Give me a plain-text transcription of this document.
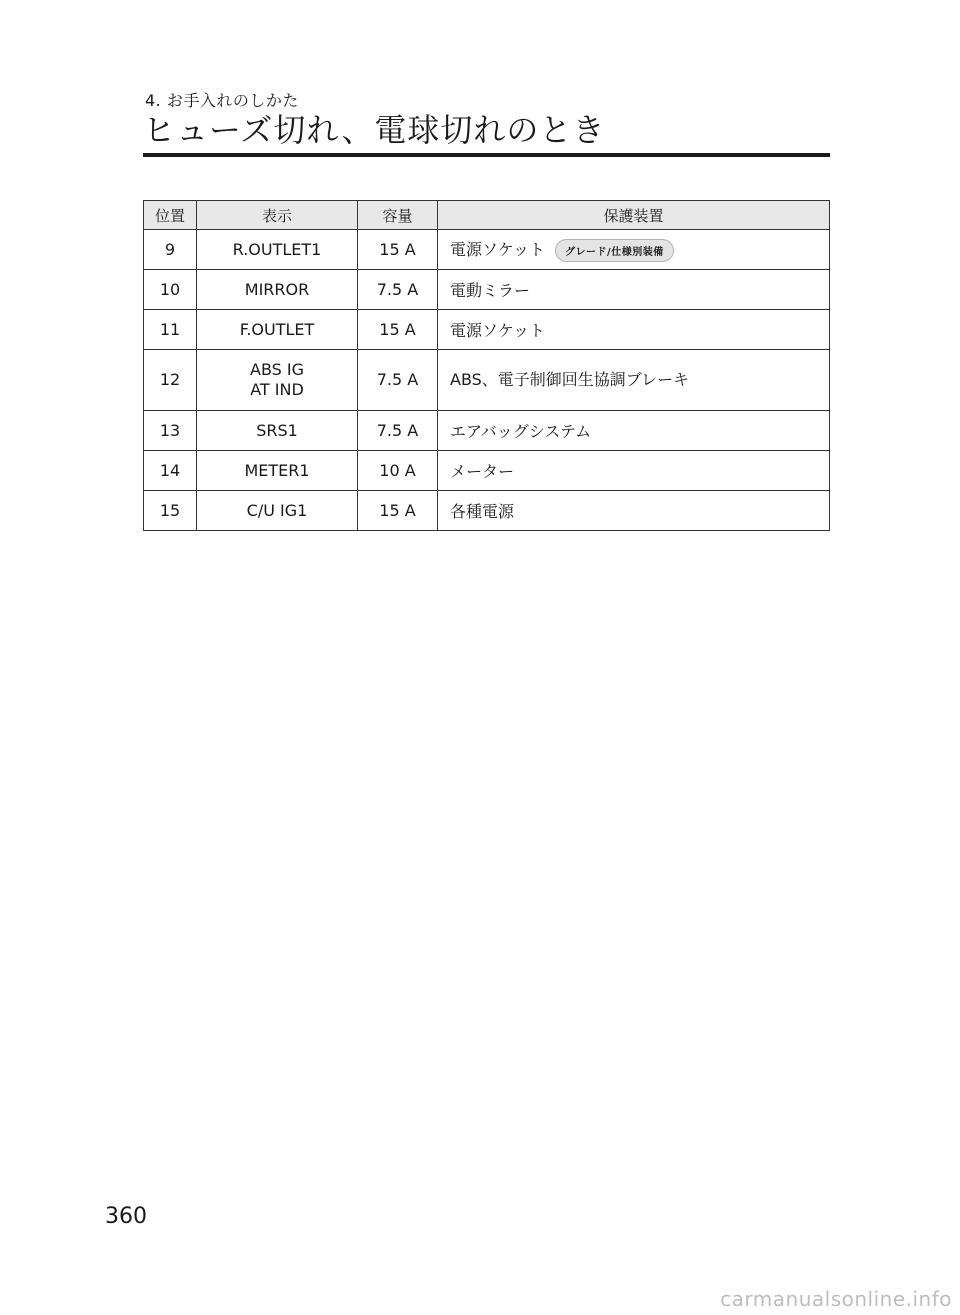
4. お手入れのしかた
ヒューズ切れ、電球切れのとき
位置	表示	容量	保護装置
9	R.OUTLET1	15 A	電源ソケット グレード/仕様別装備
10	MIRROR	7.5 A	電動ミラー
11	F.OUTLET	15 A	電源ソケット
12	ABS IG
AT IND	7.5 A	ABS、電子制御回生協調ブレーキ
13	SRS1	7.5 A	エアバッグシステム
14	METER1	10 A	メーター
15	C/U IG1	15 A	各種電源
360
carmanualsonline.info
